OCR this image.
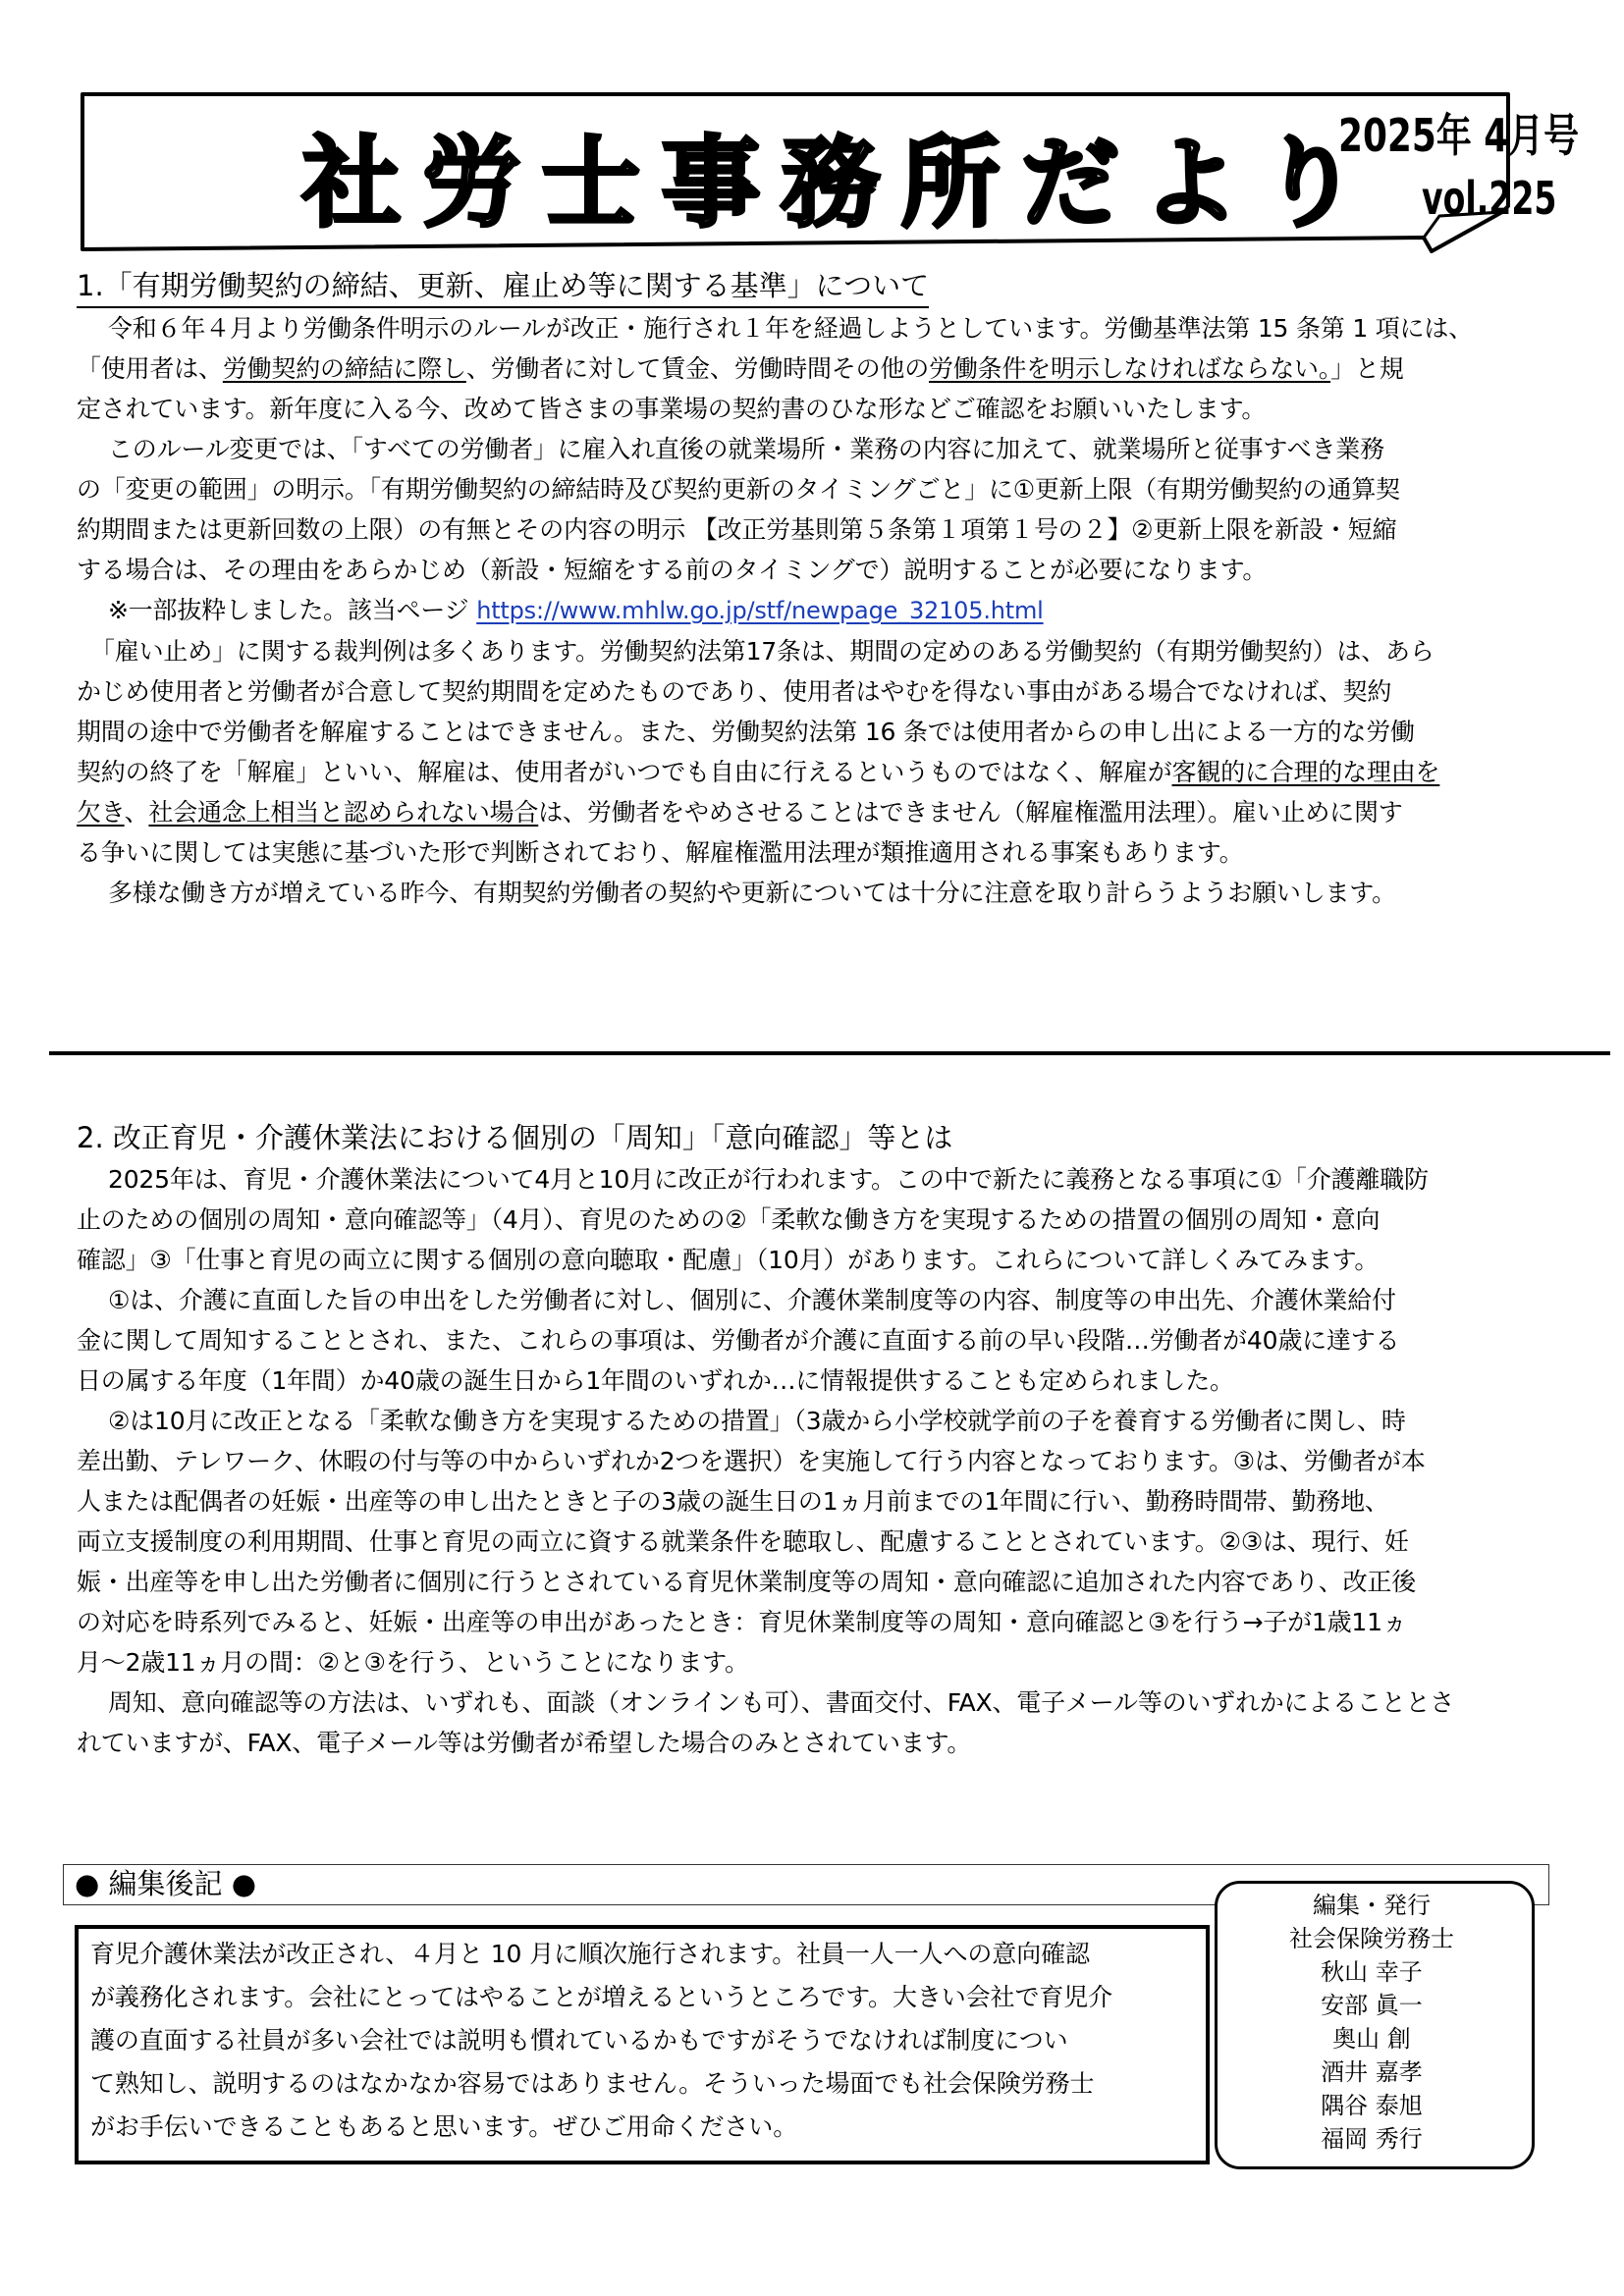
社労士事務所だより
2025年 4月号
vol.225
1.「有期労働契約の締結、更新、雇止め等に関する基準」について

令和６年４月より労働条件明示のルールが改正・施行され１年を経過しようとしています。労働基準法第 15 条第 1 項には、

「使用者は、労働契約の締結に際し、労働者に対して賃金、労働時間その他の労働条件を明示しなければならない。」と規

定されています。新年度に入る今、改めて皆さまの事業場の契約書のひな形などご確認をお願いいたします。

このルール変更では、「すべての労働者」に雇入れ直後の就業場所・業務の内容に加えて、就業場所と従事すべき業務

の「変更の範囲」の明示。「有期労働契約の締結時及び契約更新のタイミングごと」に①更新上限（有期労働契約の通算契

約期間または更新回数の上限）の有無とその内容の明示 【改正労基則第５条第１項第１号の２】②更新上限を新設・短縮

する場合は、その理由をあらかじめ（新設・短縮をする前のタイミングで）説明することが必要になります。

※一部抜粋しました。該当ページ https://www.mhlw.go.jp/stf/newpage_32105.html

「雇い止め」に関する裁判例は多くあります。労働契約法第17条は、期間の定めのある労働契約（有期労働契約）は、あら

かじめ使用者と労働者が合意して契約期間を定めたものであり、使用者はやむを得ない事由がある場合でなければ、契約

期間の途中で労働者を解雇することはできません。また、労働契約法第 16 条では使用者からの申し出による一方的な労働

契約の終了を「解雇」といい、解雇は、使用者がいつでも自由に行えるというものではなく、解雇が客観的に合理的な理由を

欠き、社会通念上相当と認められない場合は、労働者をやめさせることはできません（解雇権濫用法理）。雇い止めに関す

る争いに関しては実態に基づいた形で判断されており、解雇権濫用法理が類推適用される事案もあります。

多様な働き方が増えている昨今、有期契約労働者の契約や更新については十分に注意を取り計らうようお願いします。

2. 改正育児・介護休業法における個別の「周知」「意向確認」等とは

2025年は、育児・介護休業法について4月と10月に改正が行われます。この中で新たに義務となる事項に①「介護離職防

止のための個別の周知・意向確認等」（4月）、育児のための②「柔軟な働き方を実現するための措置の個別の周知・意向

確認」③「仕事と育児の両立に関する個別の意向聴取・配慮」（10月）があります。これらについて詳しくみてみます。

①は、介護に直面した旨の申出をした労働者に対し、個別に、介護休業制度等の内容、制度等の申出先、介護休業給付

金に関して周知することとされ、また、これらの事項は、労働者が介護に直面する前の早い段階…労働者が40歳に達する

日の属する年度（1年間）か40歳の誕生日から1年間のいずれか…に情報提供することも定められました。

②は10月に改正となる「柔軟な働き方を実現するための措置」（3歳から小学校就学前の子を養育する労働者に関し、時

差出勤、テレワーク、休暇の付与等の中からいずれか2つを選択）を実施して行う内容となっております。③は、労働者が本

人または配偶者の妊娠・出産等の申し出たときと子の3歳の誕生日の1ヵ月前までの1年間に行い、勤務時間帯、勤務地、

両立支援制度の利用期間、仕事と育児の両立に資する就業条件を聴取し、配慮することとされています。②③は、現行、妊

娠・出産等を申し出た労働者に個別に行うとされている育児休業制度等の周知・意向確認に追加された内容であり、改正後

の対応を時系列でみると、妊娠・出産等の申出があったとき：育児休業制度等の周知・意向確認と③を行う→子が1歳11ヵ

月～2歳11ヵ月の間：②と③を行う、ということになります。

周知、意向確認等の方法は、いずれも、面談（オンラインも可）、書面交付、FAX、電子メール等のいずれかによることとさ

れていますが、FAX、電子メール等は労働者が希望した場合のみとされています。

● 編集後記 ●

育児介護休業法が改正され、４月と 10 月に順次施行されます。社員一人一人への意向確認

が義務化されます。会社にとってはやることが増えるというところです。大きい会社で育児介

護の直面する社員が多い会社では説明も慣れているかもですがそうでなければ制度につい

て熟知し、説明するのはなかなか容易ではありません。そういった場面でも社会保険労務士

がお手伝いできることもあると思います。ぜひご用命ください。

編集・発行
社会保険労務士
秋山 幸子
安部 眞一
奥山 創
酒井 嘉孝
隅谷 泰旭
福岡 秀行
